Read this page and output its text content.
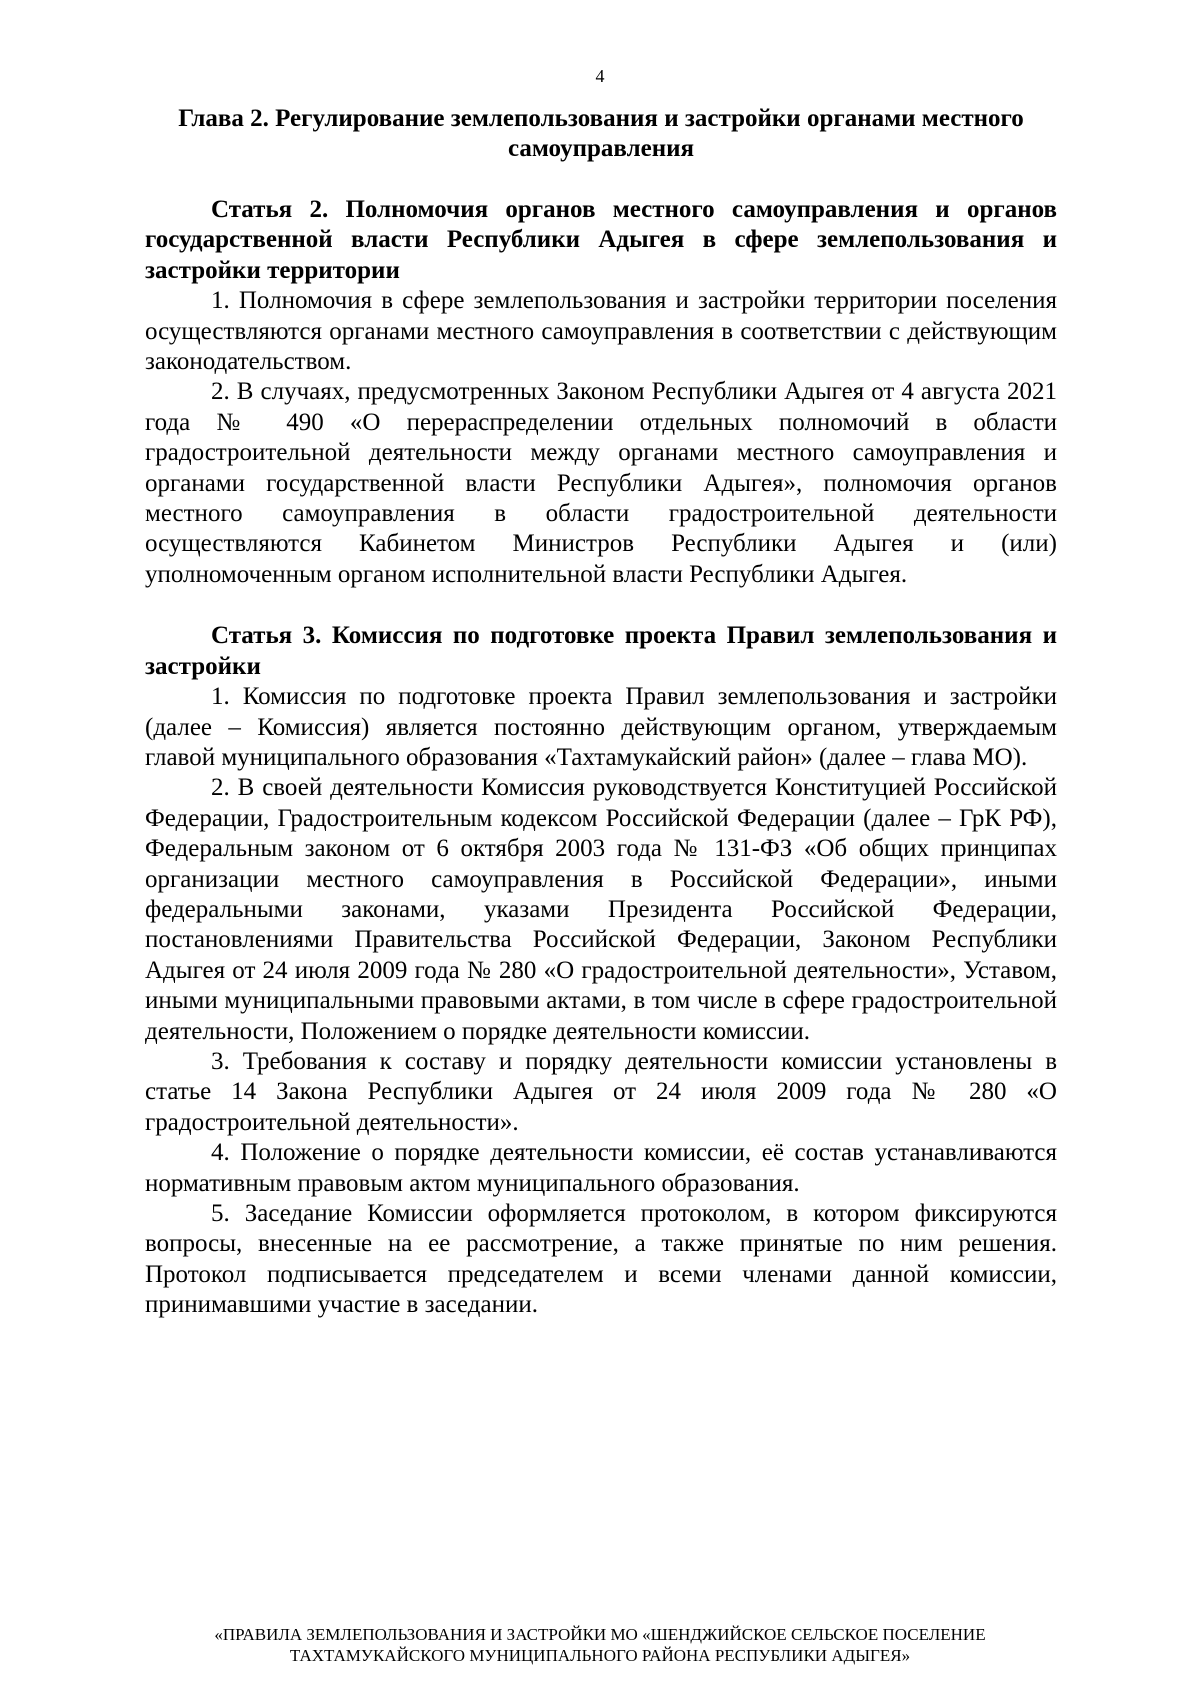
4
Глава 2. Регулирование землепользования и застройки органами местного самоуправления

Статья 2. Полномочия органов местного самоуправления и органов государственной власти Республики Адыгея в сфере землепользования и застройки территории

1. Полномочия в сфере землепользования и застройки территории поселения осуществляются органами местного самоуправления в соответствии с действующим законодательством.

2. В случаях, предусмотренных Законом Республики Адыгея от 4 августа 2021 года № 490 «О перераспределении отдельных полномочий в области градостроительной деятельности между органами местного самоуправления и органами государственной власти Республики Адыгея», полномочия органов местного самоуправления в области градостроительной деятельности осуществляются Кабинетом Министров Республики Адыгея и (или) уполномоченным органом исполнительной власти Республики Адыгея.

Статья 3. Комиссия по подготовке проекта Правил землепользования и застройки

1. Комиссия по подготовке проекта Правил землепользования и застройки (далее – Комиссия) является постоянно действующим органом, утверждаемым главой муниципального образования «Тахтамукайский район» (далее – глава МО).

2. В своей деятельности Комиссия руководствуется Конституцией Российской Федерации, Градостроительным кодексом Российской Федерации (далее – ГрК РФ), Федеральным законом от 6 октября 2003 года № 131-ФЗ «Об общих принципах организации местного самоуправления в Российской Федерации», иными федеральными законами, указами Президента Российской Федерации, постановлениями Правительства Российской Федерации, Законом Республики Адыгея от 24 июля 2009 года № 280 «О градостроительной деятельности», Уставом, иными муниципальными правовыми актами, в том числе в сфере градостроительной деятельности, Положением о порядке деятельности комиссии.

3. Требования к составу и порядку деятельности комиссии установлены в статье 14 Закона Республики Адыгея от 24 июля 2009 года № 280 «О градостроительной деятельности».

4. Положение о порядке деятельности комиссии, её состав устанавливаются нормативным правовым актом муниципального образования.

5. Заседание Комиссии оформляется протоколом, в котором фиксируются вопросы, внесенные на ее рассмотрение, а также принятые по ним решения. Протокол подписывается председателем и всеми членами данной комиссии, принимавшими участие в заседании.

«ПРАВИЛА ЗЕМЛЕПОЛЬЗОВАНИЯ И ЗАСТРОЙКИ МО «ШЕНДЖИЙСКОЕ СЕЛЬСКОЕ ПОСЕЛЕНИЕ
ТАХТАМУКАЙСКОГО МУНИЦИПАЛЬНОГО РАЙОНА РЕСПУБЛИКИ АДЫГЕЯ»
